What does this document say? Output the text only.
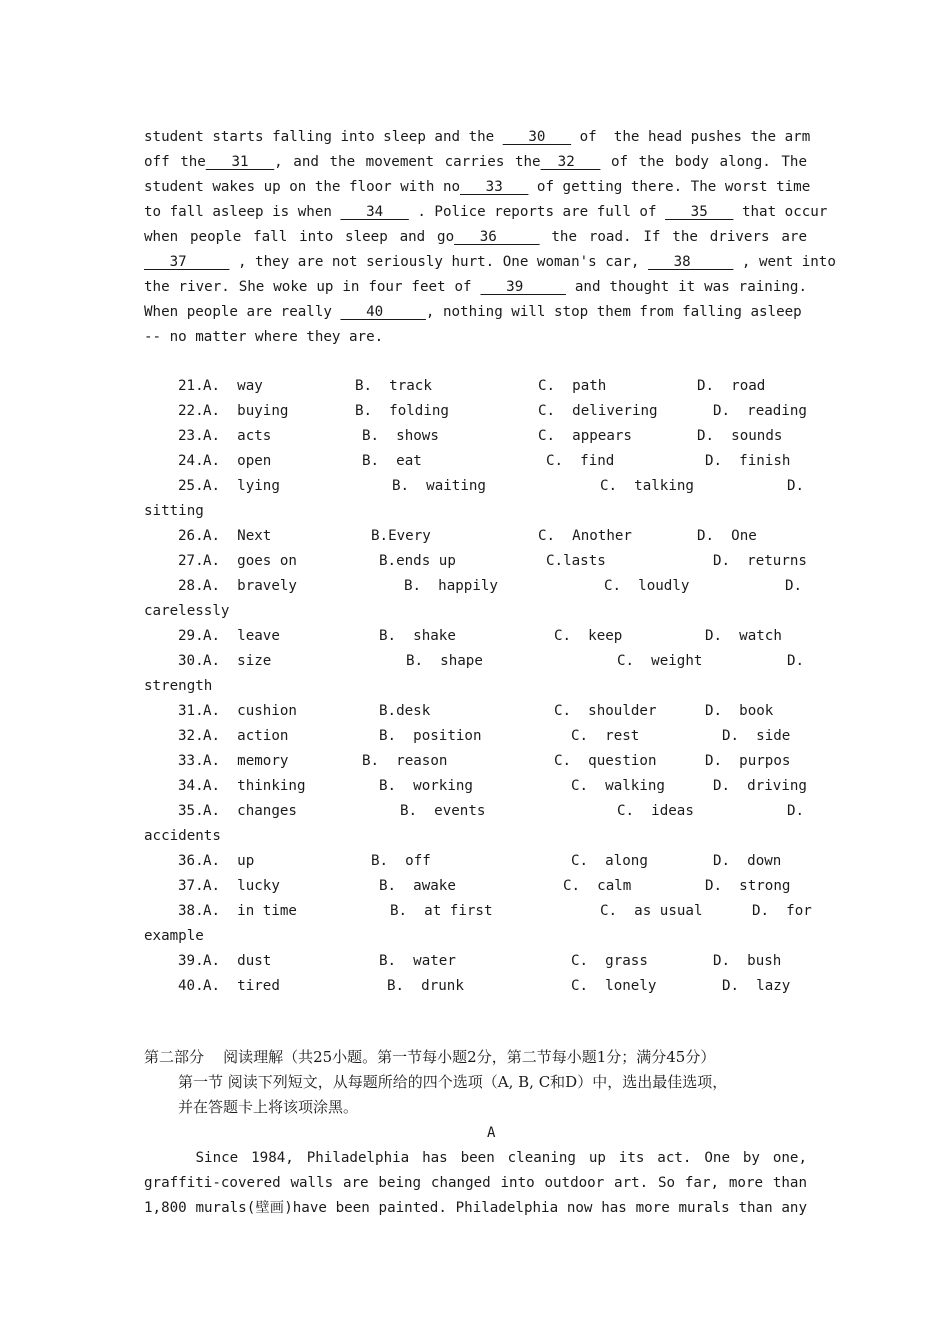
student starts falling into sleep and the ___30___ of  the head pushes the arm
off the___31___, and the movement carries the__32___ of the body along. The
student wakes up on the floor with no___33___ of getting there. The worst time
to fall asleep is when ___34___ . Police reports are full of ___35___ that occur
when people fall into sleep and go___36_____ the road. If the drivers are
___37_____ , they are not seriously hurt. One woman's car, ___38_____ , went into
the river. She woke up in four feet of ___39_____ and thought it was raining.
When people are really ___40_____, nothing will stop them from falling asleep
-- no matter where they are.
21. A.  way	B.  track	C.  path	D.  road
22. A.  buying	B.  folding	C.  delivering	D.  reading
23. A.  acts	B.  shows	C.  appears	D.  sounds
24. A.  open	B.  eat	C.  find	D.  finish
25. A.  lying	B.  waiting	C.  talking	D.
sitting
26. A.  Next	B.Every	C.  Another	D.  One
27. A.  goes on	B.ends up	C.lasts	D.  returns
28. A.  bravely	B.  happily	C.  loudly	D.
carelessly
29. A.  leave	B.  shake	C.  keep	D.  watch
30. A.  size	B.  shape	C.  weight	D.
strength
31. A.  cushion	B.desk	C.  shoulder	D.  book
32. A.  action	B.  position	C.  rest	D.  side
33. A.  memory	B.  reason	C.  question	D.  purpos
34. A.  thinking	B.  working	C.  walking	D.  driving
35. A.  changes	B.  events	C.  ideas	D.
accidents
36. A.  up	B.  off	C.  along	D.  down
37. A.  lucky	B.  awake	C.  calm	D.  strong
38. A.  in time	B.  at first	C.  as usual	D.  for
example
39. A.  dust	B.  water	C.  grass	D.  bush
40. A.  tired	B.  drunk	C.  lonely	D.  lazy
第二部分    阅读理解（共25小题。第一节每小题2分，第二节每小题1分；满分45分）
第一节 阅读下列短文，从每题所给的四个选项（A, B, C和D）中，选出最佳选项，
并在答题卡上将该项涂黑。
A
Since 1984, Philadelphia has been cleaning up its act. One by one,
graffiti-covered walls are being changed into outdoor art. So far, more than
1,800 murals(壁画)have been painted. Philadelphia now has more murals than any
